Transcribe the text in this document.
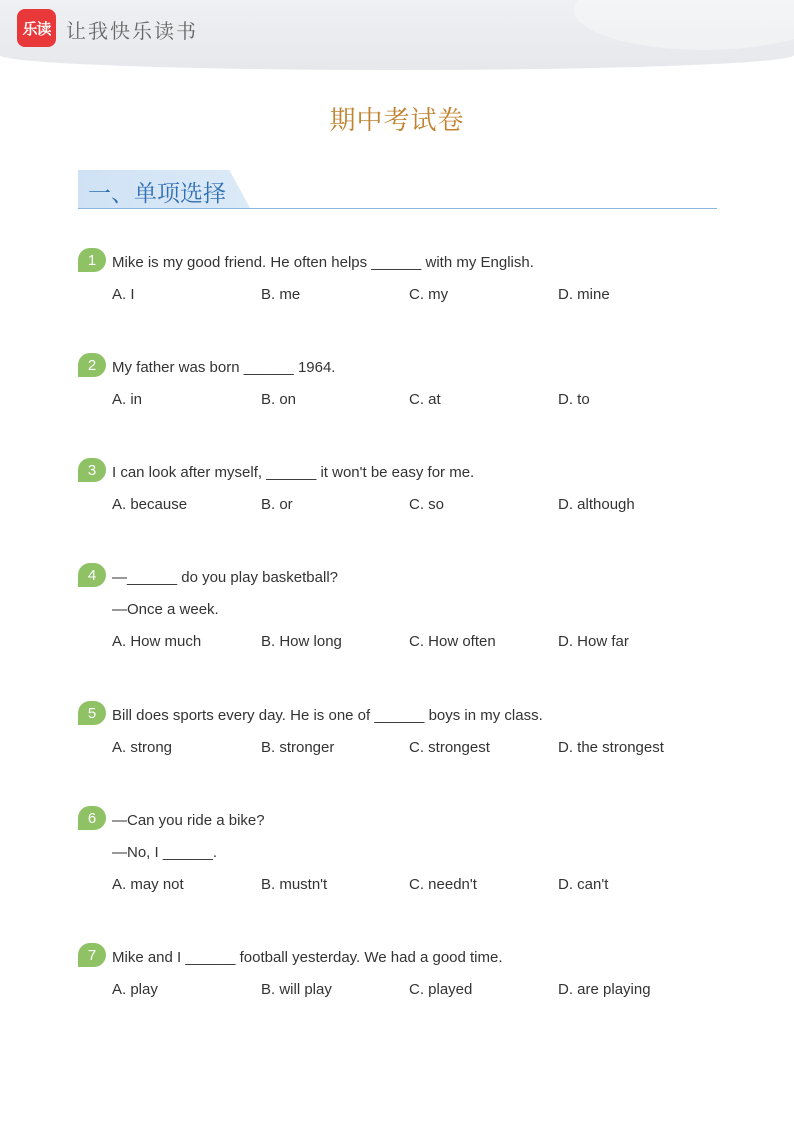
乐读 让我快乐读书
期中考试卷
一、单项选择
1	Mike is my good friend. He often helps ______ with my English.
A. I	B. me	C. my	D. mine
2	My father was born ______ 1964.
A. in	B. on	C. at	D. to
3	I can look after myself, ______ it won't be easy for me.
A. because	B. or	C. so	D. although
4	—______ do you play basketball?
—Once a week.
A. How much	B. How long	C. How often	D. How far
5	Bill does sports every day. He is one of ______ boys in my class.
A. strong	B. stronger	C. strongest	D. the strongest
6	—Can you ride a bike?
—No, I ______.
A. may not	B. mustn't	C. needn't	D. can't
7	Mike and I ______ football yesterday. We had a good time.
A. play	B. will play	C. played	D. are playing
